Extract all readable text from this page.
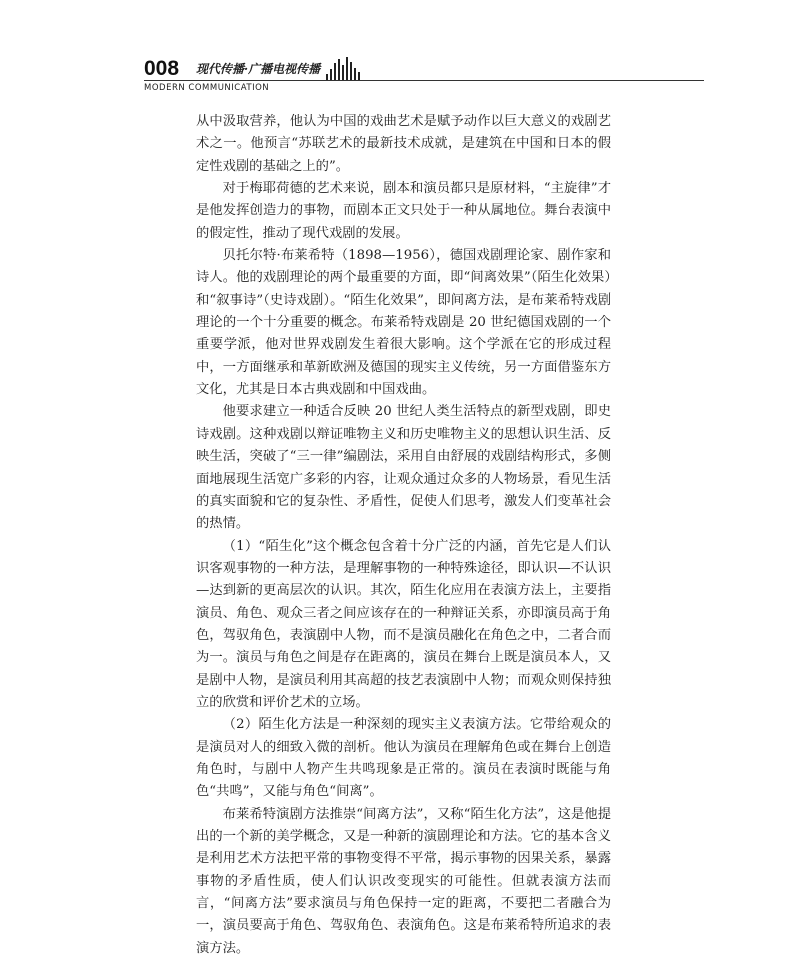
008 现代传播·广播电视传播
MODERN COMMUNICATION

从中汲取营养，他认为中国的戏曲艺术是赋予动作以巨大意义的戏剧艺术之一。他预言“苏联艺术的最新技术成就，是建筑在中国和日本的假定性戏剧的基础之上的”。

对于梅耶荷德的艺术来说，剧本和演员都只是原材料，“主旋律”才是他发挥创造力的事物，而剧本正文只处于一种从属地位。舞台表演中的假定性，推动了现代戏剧的发展。

贝托尔特·布莱希特（1898—1956），德国戏剧理论家、剧作家和诗人。他的戏剧理论的两个最重要的方面，即“间离效果”（陌生化效果）和“叙事诗”（史诗戏剧）。“陌生化效果”，即间离方法，是布莱希特戏剧理论的一个十分重要的概念。布莱希特戏剧是 20 世纪德国戏剧的一个重要学派，他对世界戏剧发生着很大影响。这个学派在它的形成过程中，一方面继承和革新欧洲及德国的现实主义传统，另一方面借鉴东方文化，尤其是日本古典戏剧和中国戏曲。

他要求建立一种适合反映 20 世纪人类生活特点的新型戏剧，即史诗戏剧。这种戏剧以辩证唯物主义和历史唯物主义的思想认识生活、反映生活，突破了“三一律”编剧法，采用自由舒展的戏剧结构形式，多侧面地展现生活宽广多彩的内容，让观众通过众多的人物场景，看见生活的真实面貌和它的复杂性、矛盾性，促使人们思考，激发人们变革社会的热情。

（1）“陌生化”这个概念包含着十分广泛的内涵，首先它是人们认识客观事物的一种方法，是理解事物的一种特殊途径，即认识—不认识—达到新的更高层次的认识。其次，陌生化应用在表演方法上，主要指演员、角色、观众三者之间应该存在的一种辩证关系，亦即演员高于角色，驾驭角色，表演剧中人物，而不是演员融化在角色之中，二者合而为一。演员与角色之间是存在距离的，演员在舞台上既是演员本人，又是剧中人物，是演员利用其高超的技艺表演剧中人物；而观众则保持独立的欣赏和评价艺术的立场。

（2）陌生化方法是一种深刻的现实主义表演方法。它带给观众的是演员对人的细致入微的剖析。他认为演员在理解角色或在舞台上创造角色时，与剧中人物产生共鸣现象是正常的。演员在表演时既能与角色“共鸣”，又能与角色“间离”。

布莱希特演剧方法推崇“间离方法”，又称“陌生化方法”，这是他提出的一个新的美学概念，又是一种新的演剧理论和方法。它的基本含义是利用艺术方法把平常的事物变得不平常，揭示事物的因果关系，暴露事物的矛盾性质，使人们认识改变现实的可能性。但就表演方法而言，“间离方法”要求演员与角色保持一定的距离，不要把二者融合为一，演员要高于角色、驾驭角色、表演角色。这是布莱希特所追求的表演方法。
